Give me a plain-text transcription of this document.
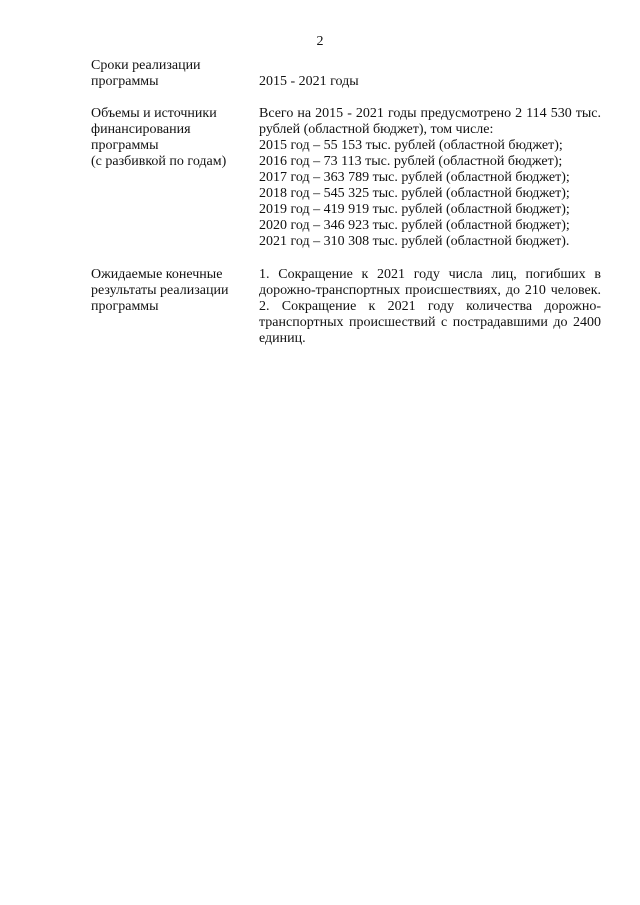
2
Сроки реализации
программы	2015 - 2021 годы
Объемы и источники
финансирования
программы
(с разбивкой по годам)
Всего на 2015 - 2021 годы предусмотрено 2 114 530 тыс.
рублей (областной бюджет), том числе:
2015 год – 55 153 тыс. рублей (областной бюджет);
2016 год – 73 113 тыс. рублей (областной бюджет);
2017 год – 363 789 тыс. рублей (областной бюджет);
2018 год – 545 325 тыс. рублей (областной бюджет);
2019 год – 419 919 тыс. рублей (областной бюджет);
2020 год – 346 923 тыс. рублей (областной бюджет);
2021 год – 310 308 тыс. рублей (областной бюджет).
Ожидаемые конечные
результаты реализации
программы
1. Сокращение к 2021 году числа лиц, погибших в
дорожно-транспортных происшествиях, до 210 человек.
2. Сокращение к 2021 году количества дорожно-
транспортных происшествий с пострадавшими до 2400
единиц.
